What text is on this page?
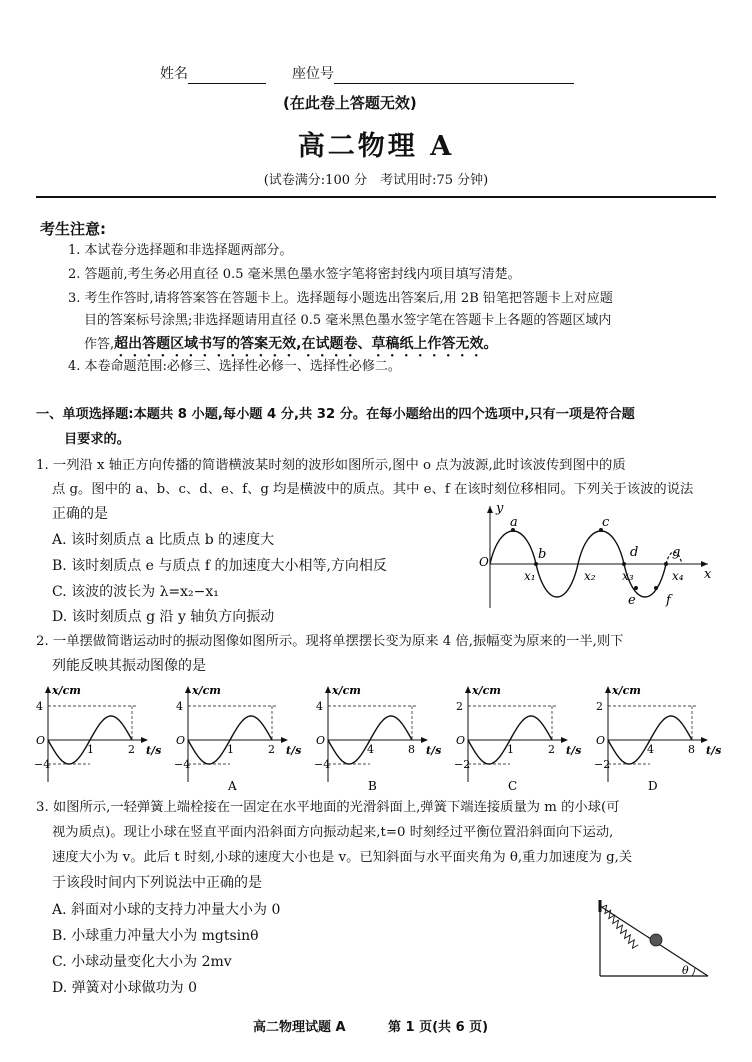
姓名	座位号
(在此卷上答题无效)
高二物理 A
(试卷满分:100 分　考试用时:75 分钟)
考生注意:
1. 本试卷分选择题和非选择题两部分。
2. 答题前,考生务必用直径 0.5 毫米黑色墨水签字笔将密封线内项目填写清楚。
3. 考生作答时,请将答案答在答题卡上。选择题每小题选出答案后,用 2B 铅笔把答题卡上对应题
目的答案标号涂黑;非选择题请用直径 0.5 毫米黑色墨水签字笔在答题卡上各题的答题区域内
作答,超出答题区域书写的答案无效,在试题卷、草稿纸上作答无效。
4. 本卷命题范围:必修三、选择性必修一、选择性必修二。
一、单项选择题:本题共 8 小题,每小题 4 分,共 32 分。在每小题给出的四个选项中,只有一项是符合题
目要求的。
1. 一列沿 x 轴正方向传播的简谐横波某时刻的波形如图所示,图中 o 点为波源,此时该波传到图中的质
点 g。图中的 a、b、c、d、e、f、g 均是横波中的质点。其中 e、f 在该时刻位移相同。下列关于该波的说法
正确的是
A. 该时刻质点 a 比质点 b 的速度大
B. 该时刻质点 e 与质点 f 的加速度大小相等,方向相反
C. 该波的波长为 λ=x₂−x₁
D. 该时刻质点 g 沿 y 轴负方向振动
y
x
O
a
b
c
d
e f
g
x₁	x₂ x₃	x₄
2. 一单摆做简谐运动时的振动图像如图所示。现将单摆摆长变为原来 4 倍,振幅变为原来的一半,则下
列能反映其振动图像的是
x/cm
t/s
4
−4
O
1	2
x/cm
t/s
4
−4
O
1	2
A
x/cm
t/s
4
−4
O
4	8
B
x/cm
t/s
2
−2
O
1	2
C
x/cm
t/s
2
−2
O
4	8
D
3. 如图所示,一轻弹簧上端栓接在一固定在水平地面的光滑斜面上,弹簧下端连接质量为 m 的小球(可
视为质点)。现让小球在竖直平面内沿斜面方向振动起来,t=0 时刻经过平衡位置沿斜面向下运动,
速度大小为 v。此后 t 时刻,小球的速度大小也是 v。已知斜面与水平面夹角为 θ,重力加速度为 g,关
于该段时间内下列说法中正确的是
A. 斜面对小球的支持力冲量大小为 0
B. 小球重力冲量大小为 mgtsinθ
C. 小球动量变化大小为 2mv
D. 弹簧对小球做功为 0
θ
高二物理试题 A	第 1 页(共 6 页)
